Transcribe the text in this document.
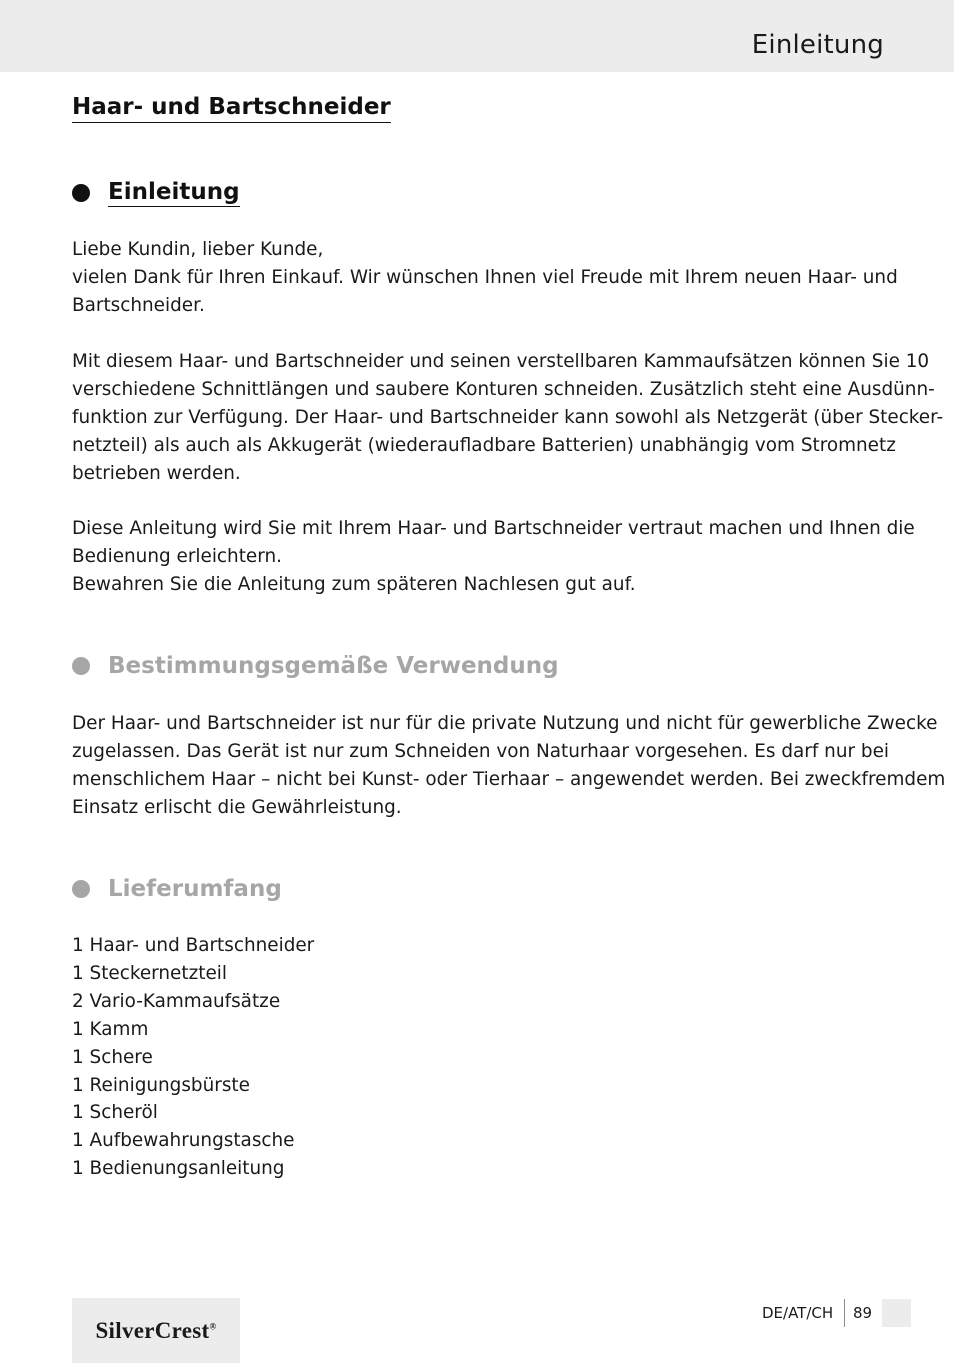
Einleitung
Haar- und Bartschneider
Einleitung

Liebe Kundin, lieber Kunde,
vielen Dank für Ihren Einkauf. Wir wünschen Ihnen viel Freude mit Ihrem neuen Haar- und
Bartschneider.

Mit diesem Haar- und Bartschneider und seinen verstellbaren Kammaufsätzen können Sie 10
verschiedene Schnittlängen und saubere Konturen schneiden. Zusätzlich steht eine Ausdünn-
funktion zur Verfügung. Der Haar- und Bartschneider kann sowohl als Netzgerät (über Stecker-
netzteil) als auch als Akkugerät (wiederaufladbare Batterien) unabhängig vom Stromnetz
betrieben werden.

Diese Anleitung wird Sie mit Ihrem Haar- und Bartschneider vertraut machen und Ihnen die
Bedienung erleichtern.
Bewahren Sie die Anleitung zum späteren Nachlesen gut auf.

Bestimmungsgemäße Verwendung

Der Haar- und Bartschneider ist nur für die private Nutzung und nicht für gewerbliche Zwecke
zugelassen. Das Gerät ist nur zum Schneiden von Naturhaar vorgesehen. Es darf nur bei
menschlichem Haar – nicht bei Kunst- oder Tierhaar – angewendet werden. Bei zweckfremdem
Einsatz erlischt die Gewährleistung.

Lieferumfang
1 Haar- und Bartschneider
1 Steckernetzteil
2 Vario-Kammaufsätze
1 Kamm
1 Schere
1 Reinigungsbürste
1 Scheröl
1 Aufbewahrungstasche
1 Bedienungsanleitung
SilverCrest®
DE/AT/CH 89
